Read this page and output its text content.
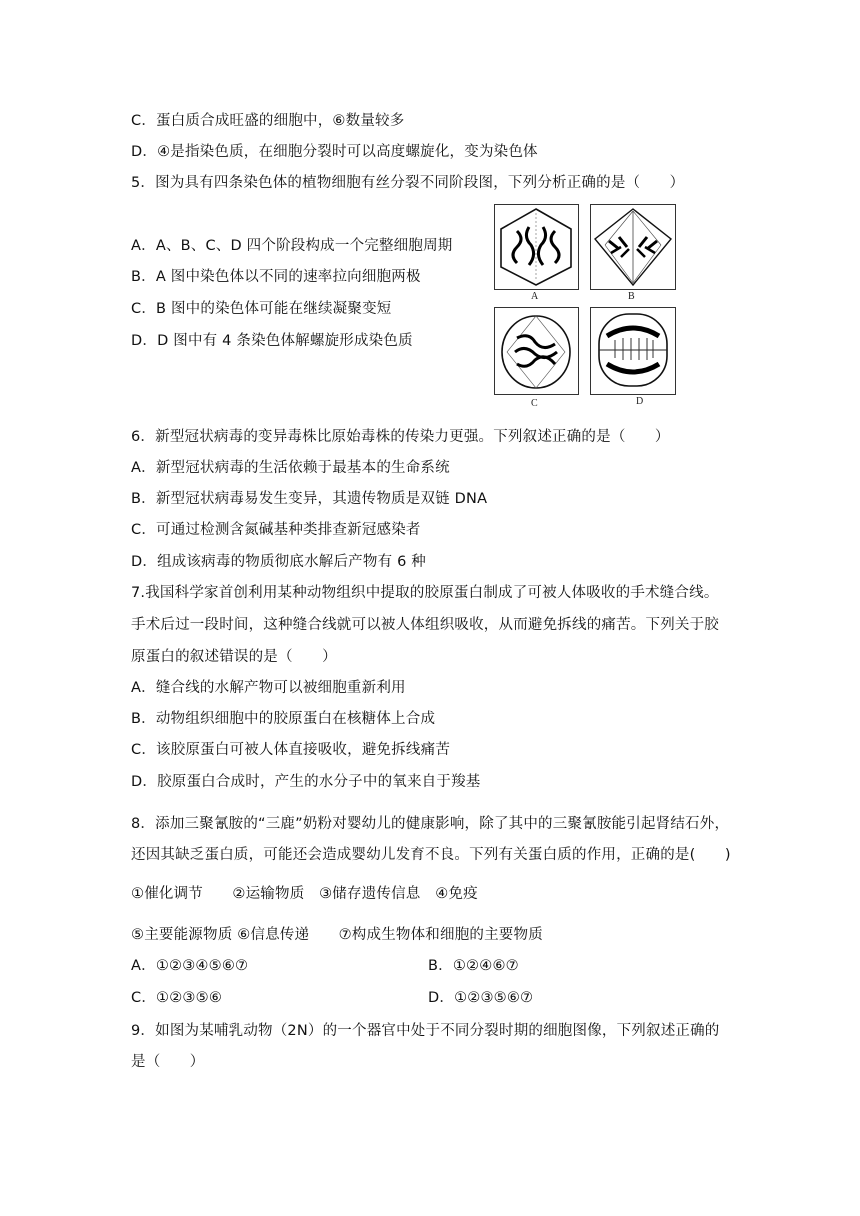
C．蛋白质合成旺盛的细胞中，⑥数量较多
D．④是指染色质，在细胞分裂时可以高度螺旋化，变为染色体
5．图为具有四条染色体的植物细胞有丝分裂不同阶段图，下列分析正确的是（　　）
A．A、B、C、D 四个阶段构成一个完整细胞周期
B．A 图中染色体以不同的速率拉向细胞两极
C．B 图中的染色体可能在继续凝聚变短
D．D 图中有 4 条染色体解螺旋形成染色质
A	B
C	D
6．新型冠状病毒的变异毒株比原始毒株的传染力更强。下列叙述正确的是（　　）
A．新型冠状病毒的生活依赖于最基本的生命系统
B．新型冠状病毒易发生变异，其遗传物质是双链 DNA
C．可通过检测含氮碱基种类排查新冠感染者
D．组成该病毒的物质彻底水解后产物有 6 种
7.我国科学家首创利用某种动物组织中提取的胶原蛋白制成了可被人体吸收的手术缝合线。
手术后过一段时间，这种缝合线就可以被人体组织吸收，从而避免拆线的痛苦。下列关于胶
原蛋白的叙述错误的是（　　）
A．缝合线的水解产物可以被细胞重新利用
B．动物组织细胞中的胶原蛋白在核糖体上合成
C．该胶原蛋白可被人体直接吸收，避免拆线痛苦
D．胶原蛋白合成时，产生的水分子中的氧来自于羧基
8．添加三聚氰胺的“三鹿”奶粉对婴幼儿的健康影响，除了其中的三聚氰胺能引起肾结石外，
还因其缺乏蛋白质，可能还会造成婴幼儿发育不良。下列有关蛋白质的作用，正确的是(　　)
①催化调节　　②运输物质　③储存遗传信息　④免疫
⑤主要能源物质 ⑥信息传递　　⑦构成生物体和细胞的主要物质
A．①②③④⑤⑥⑦	B．①②④⑥⑦
C．①②③⑤⑥	D．①②③⑤⑥⑦
9．如图为某哺乳动物（2N）的一个器官中处于不同分裂时期的细胞图像，下列叙述正确的
是（　　）
